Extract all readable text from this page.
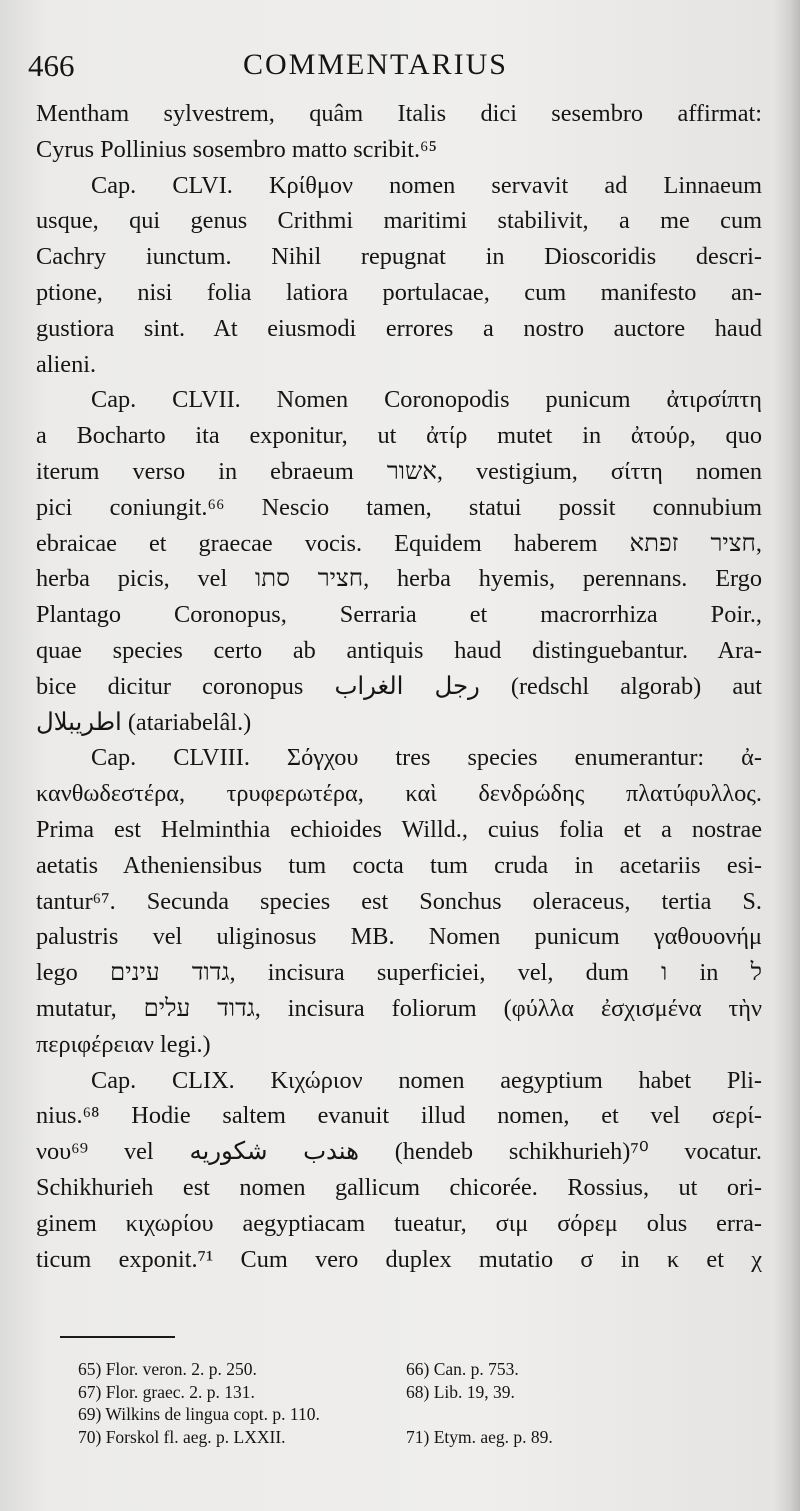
466	COMMENTARIUS
Mentham sylvestrem, quâm Italis dici sesembro affirmat:
Cyrus Pollinius sosembro matto scribit.⁶⁵
Cap. CLVI. Κρίθμον nomen servavit ad Linnaeum
usque, qui genus Crithmi maritimi stabilivit, a me cum
Cachry iunctum. Nihil repugnat in Dioscoridis descri-
ptione, nisi folia latiora portulacae, cum manifesto an-
gustiora sint. At eiusmodi errores a nostro auctore haud
alieni.
Cap. CLVII. Nomen Coronopodis punicum ἀτιρσίπτη
a Bocharto ita exponitur, ut ἀτίρ mutet in ἀτούρ, quo
iterum verso in ebraeum אשור, vestigium, σίττη nomen
pici coniungit.⁶⁶ Nescio tamen, statui possit connubium
ebraicae et graecae vocis. Equidem haberem חציר זפתא,
herba picis, vel חציר סתו, herba hyemis, perennans. Ergo
Plantago Coronopus, Serraria et macrorrhiza Poir.,
quae species certo ab antiquis haud distinguebantur. Ara-
bice dicitur coronopus رجل الغراب (redschl algorab) aut
اطريبلال (atariabelâl.)
Cap. CLVIII. Σόγχου tres species enumerantur: ἀ-
κανθωδεστέρα, τρυφερωτέρα, καὶ δενδρώδης πλατύφυλλος.
Prima est Helminthia echioides Willd., cuius folia et a nostrae
aetatis Atheniensibus tum cocta tum cruda in acetariis esi-
tantur⁶⁷. Secunda species est Sonchus oleraceus, tertia S.
palustris vel uliginosus MB. Nomen punicum γαθουονήμ
lego גדוד עינים, incisura superficiei, vel, dum ו in ל
mutatur, גדוד עלים, incisura foliorum (φύλλα ἐσχισμένα τὴν
περιφέρειαν legi.)
Cap. CLIX. Κιχώριον nomen aegyptium habet Pli-
nius.⁶⁸ Hodie saltem evanuit illud nomen, et vel σερί-
νου⁶⁹ vel هندب شكوريه (hendeb schikhurieh)⁷⁰ vocatur.
Schikhurieh est nomen gallicum chicorée. Rossius, ut ori-
ginem κιχωρίου aegyptiacam tueatur, σιμ σόρεμ olus erra-
ticum exponit.⁷¹ Cum vero duplex mutatio σ in κ et χ
65) Flor. veron. 2. p. 250.	66) Can. p. 753.
67) Flor. graec. 2. p. 131.	68) Lib. 19, 39.
69) Wilkins de lingua copt. p. 110.
70) Forskol fl. aeg. p. LXXII.	71) Etym. aeg. p. 89.
